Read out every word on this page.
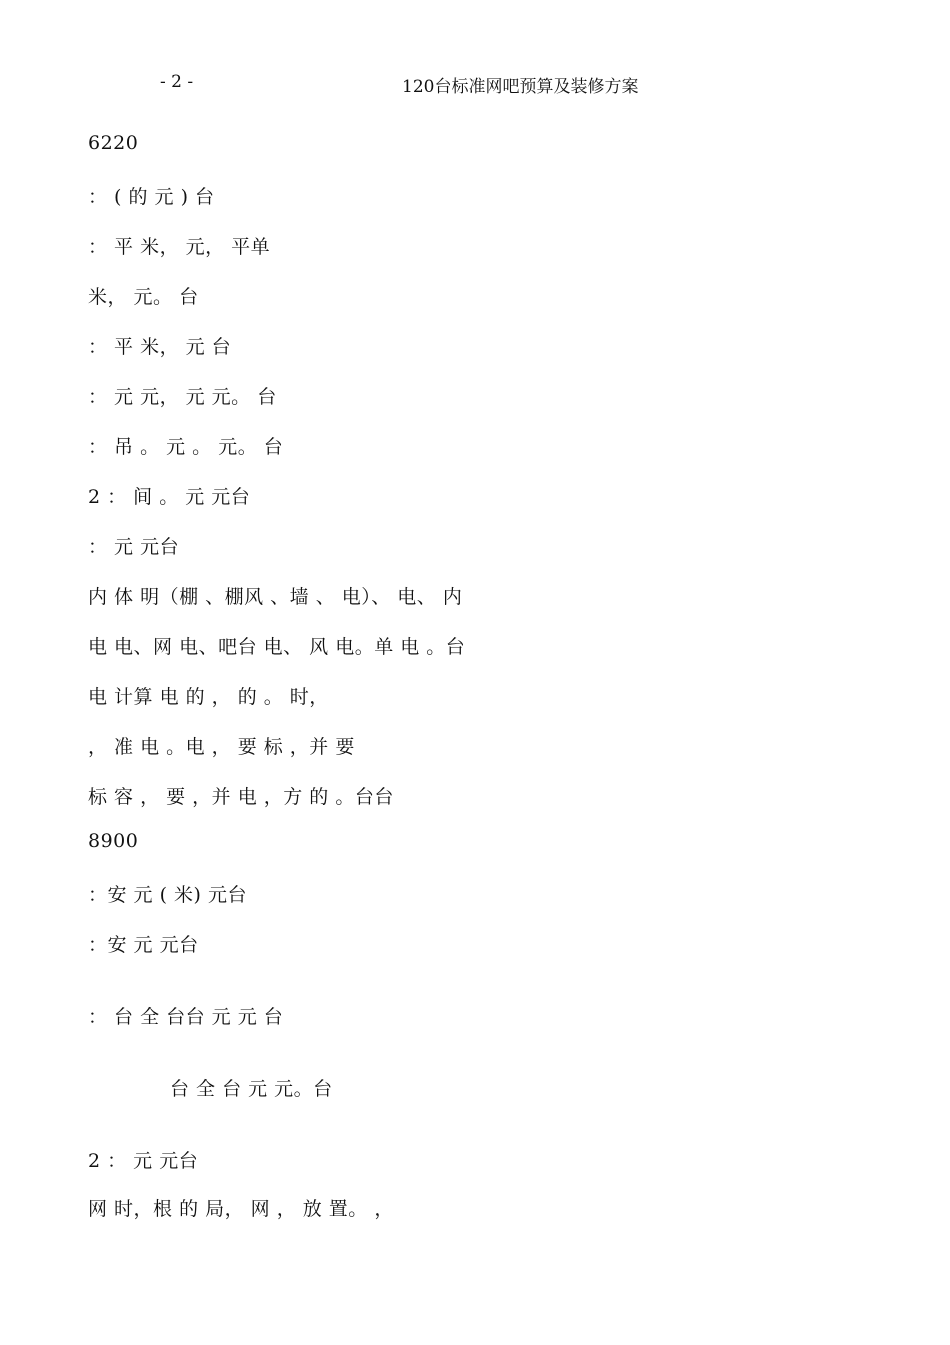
- 2 -	120台标准网吧预算及装修方案
6220
： ( 的 元 ) 台
： 平 米， 元， 平单
米， 元。 台
： 平 米， 元 台
： 元 元， 元 元。 台
： 吊 。 元 。 元。 台
2 ： 间 。 元 元台
： 元 元台
内 体 明（棚 、棚风 、墙 、 电）、 电、 内
电 电、网 电、吧台 电、 风 电。单 电 。台
电 计算 电 的 ， 的 。 时，
， 准 电 。电 ， 要 标 ，并 要
标 容 ， 要 ，并 电 ，方 的 。台台
8900
：安 元 ( 米) 元台
：安 元 元台
： 台 全 台台 元 元 台
台 全 台 元 元。台
2 ： 元 元台
网 时，根 的 局， 网 ， 放 置。 ，
